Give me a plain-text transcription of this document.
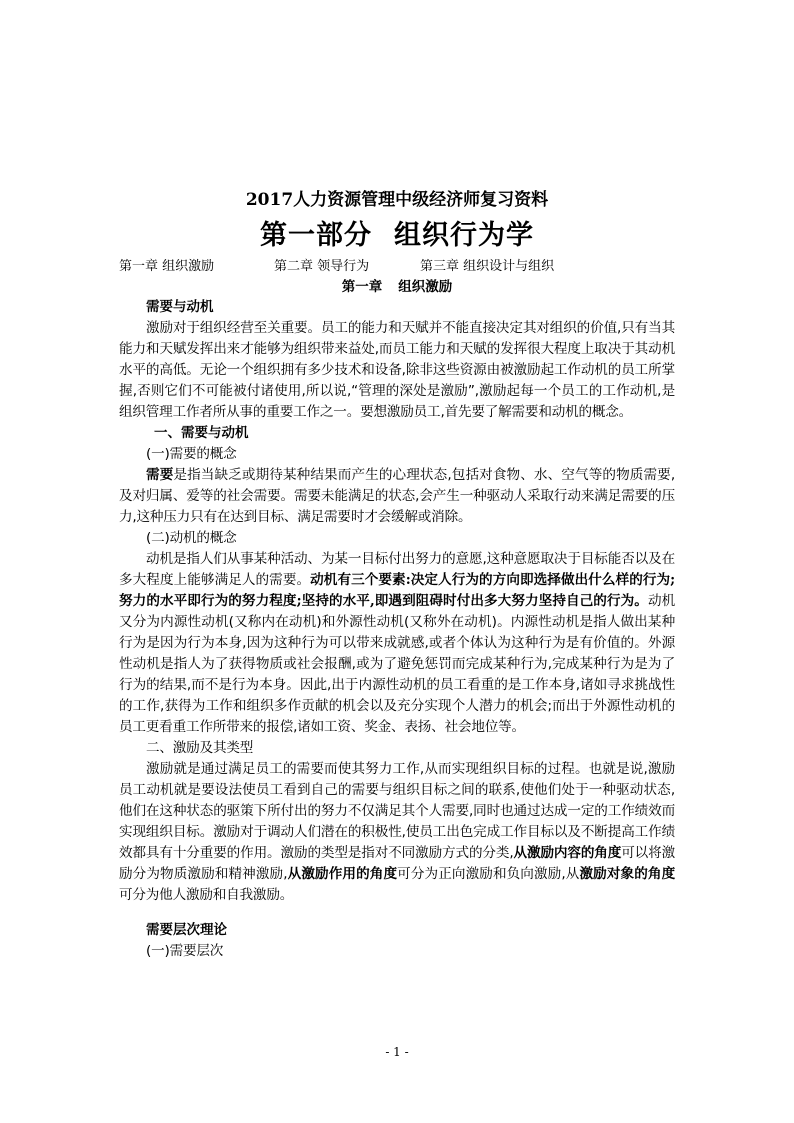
2017人力资源管理中级经济师复习资料
第一部分 组织行为学
第一章 组织激励	第二章 领导行为	第三章 组织设计与组织
第一章 组织激励
需要与动机

激励对于组织经营至关重要。员工的能力和天赋并不能直接决定其对组织的价值,只有当其能力和天赋发挥出来才能够为组织带来益处,而员工能力和天赋的发挥很大程度上取决于其动机水平的高低。无论一个组织拥有多少技术和设备,除非这些资源由被激励起工作动机的员工所掌握,否则它们不可能被付诸使用,所以说,“管理的深处是激励”,激励起每一个员工的工作动机,是组织管理工作者所从事的重要工作之一。要想激励员工,首先要了解需要和动机的概念。

一、需要与动机
(一)需要的概念

需要是指当缺乏或期待某种结果而产生的心理状态,包括对食物、水、空气等的物质需要,及对归属、爱等的社会需要。需要未能满足的状态,会产生一种驱动人采取行动来满足需要的压力,这种压力只有在达到目标、满足需要时才会缓解或消除。

(二)动机的概念

动机是指人们从事某种活动、为某一目标付出努力的意愿,这种意愿取决于目标能否以及在多大程度上能够满足人的需要。动机有三个要素:决定人行为的方向即选择做出什么样的行为;努力的水平即行为的努力程度;坚持的水平,即遇到阻碍时付出多大努力坚持自己的行为。动机又分为内源性动机(又称内在动机)和外源性动机(又称外在动机)。内源性动机是指人做出某种行为是因为行为本身,因为这种行为可以带来成就感,或者个体认为这种行为是有价值的。外源性动机是指人为了获得物质或社会报酬,或为了避免惩罚而完成某种行为,完成某种行为是为了行为的结果,而不是行为本身。因此,出于内源性动机的员工看重的是工作本身,诸如寻求挑战性的工作,获得为工作和组织多作贡献的机会以及充分实现个人潜力的机会;而出于外源性动机的员工更看重工作所带来的报偿,诸如工资、奖金、表扬、社会地位等。

二、激励及其类型

激励就是通过满足员工的需要而使其努力工作,从而实现组织目标的过程。也就是说,激励员工动机就是要设法使员工看到自己的需要与组织目标之间的联系,使他们处于一种驱动状态,他们在这种状态的驱策下所付出的努力不仅满足其个人需要,同时也通过达成一定的工作绩效而实现组织目标。激励对于调动人们潜在的积极性,使员工出色完成工作目标以及不断提高工作绩效都具有十分重要的作用。激励的类型是指对不同激励方式的分类,从激励内容的角度可以将激励分为物质激励和精神激励,从激励作用的角度可分为正向激励和负向激励,从激励对象的角度可分为他人激励和自我激励。

需要层次理论
(一)需要层次
- 1 -
